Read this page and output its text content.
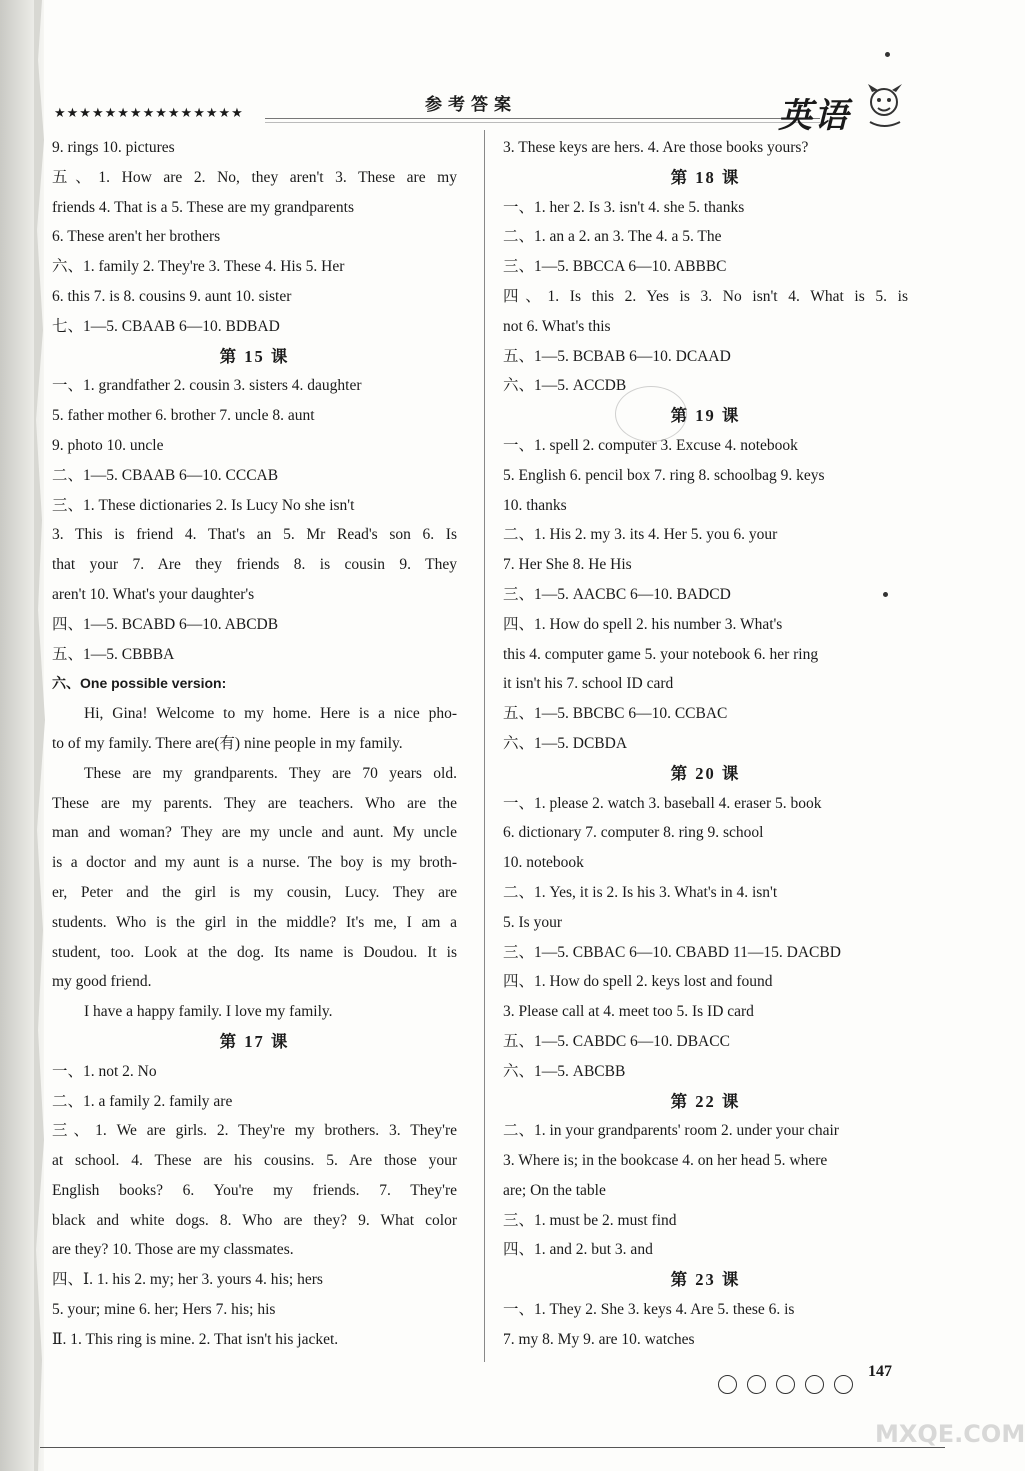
★★★★★★★★★★★★★★★	参考答案	英语
9. rings 10. pictures
五、1. How are 2. No, they aren't 3. These are my
friends 4. That is a 5. These are my grandparents
6. These aren't her brothers
六、1. family 2. They're 3. These 4. His 5. Her
6. this 7. is 8. cousins 9. aunt 10. sister
七、1—5. CBAAB 6—10. BDBAD
第 15 课
一、1. grandfather 2. cousin 3. sisters 4. daughter
5. father mother 6. brother 7. uncle 8. aunt
9. photo 10. uncle
二、1—5. CBAAB 6—10. CCCAB
三、1. These dictionaries 2. Is Lucy No she isn't
3. This is friend 4. That's an 5. Mr Read's son 6. Is
that your 7. Are they friends 8. is cousin 9. They
aren't 10. What's your daughter's
四、1—5. BCABD 6—10. ABCDB
五、1—5. CBBBA
六、One possible version:
Hi, Gina! Welcome to my home. Here is a nice pho-
to of my family. There are(有) nine people in my family.
These are my grandparents. They are 70 years old.
These are my parents. They are teachers. Who are the
man and woman? They are my uncle and aunt. My uncle
is a doctor and my aunt is a nurse. The boy is my broth-
er, Peter and the girl is my cousin, Lucy. They are
students. Who is the girl in the middle? It's me, I am a
student, too. Look at the dog. Its name is Doudou. It is
my good friend.
I have a happy family. I love my family.
第 17 课
一、1. not 2. No
二、1. a family 2. family are
三、1. We are girls. 2. They're my brothers. 3. They're
at school. 4. These are his cousins. 5. Are those your
English books? 6. You're my friends. 7. They're
black and white dogs. 8. Who are they? 9. What color
are they? 10. Those are my classmates.
四、Ⅰ. 1. his 2. my; her 3. yours 4. his; hers
5. your; mine 6. her; Hers 7. his; his
Ⅱ. 1. This ring is mine. 2. That isn't his jacket.
3. These keys are hers. 4. Are those books yours?
第 18 课
一、1. her 2. Is 3. isn't 4. she 5. thanks
二、1. an a 2. an 3. The 4. a 5. The
三、1—5. BBCCA 6—10. ABBBC
四、1. Is this 2. Yes is 3. No isn't 4. What is 5. is
not 6. What's this
五、1—5. BCBAB 6—10. DCAAD
六、1—5. ACCDB
第 19 课
一、1. spell 2. computer 3. Excuse 4. notebook
5. English 6. pencil box 7. ring 8. schoolbag 9. keys
10. thanks
二、1. His 2. my 3. its 4. Her 5. you 6. your
7. Her She 8. He His
三、1—5. AACBC 6—10. BADCD
四、1. How do spell 2. his number 3. What's
this 4. computer game 5. your notebook 6. her ring
it isn't his 7. school ID card
五、1—5. BBCBC 6—10. CCBAC
六、1—5. DCBDA
第 20 课
一、1. please 2. watch 3. baseball 4. eraser 5. book
6. dictionary 7. computer 8. ring 9. school
10. notebook
二、1. Yes, it is 2. Is his 3. What's in 4. isn't
5. Is your
三、1—5. CBBAC 6—10. CBABD 11—15. DACBD
四、1. How do spell 2. keys lost and found
3. Please call at 4. meet too 5. Is ID card
五、1—5. CABDC 6—10. DBACC
六、1—5. ABCBB
第 22 课
二、1. in your grandparents' room 2. under your chair
3. Where is; in the bookcase 4. on her head 5. where
are; On the table
三、1. must be 2. must find
四、1. and 2. but 3. and
第 23 课
一、1. They 2. She 3. keys 4. Are 5. these 6. is
7. my 8. My 9. are 10. watches

147
MXQE.COM
